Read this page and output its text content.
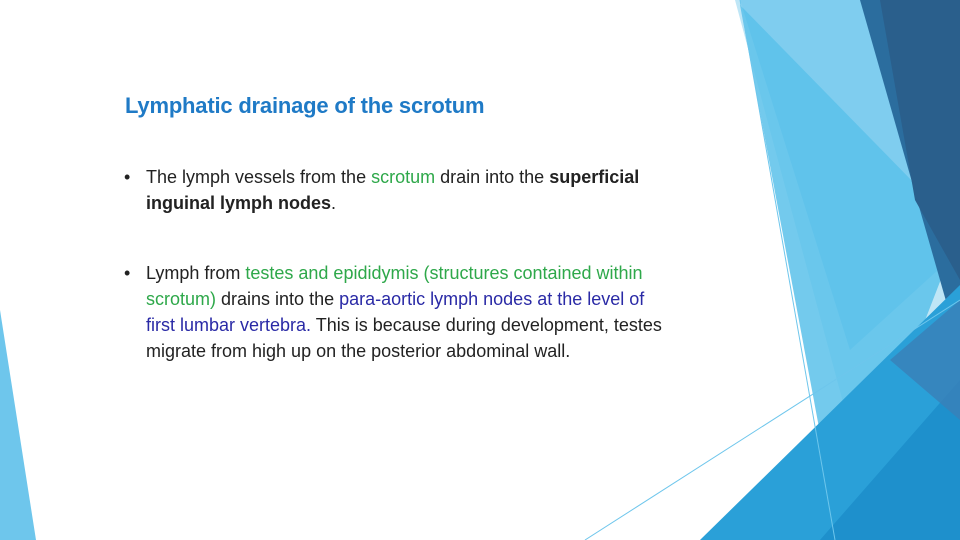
Lymphatic drainage of the scrotum
• The lymph vessels from the scrotum drain into the superficial inguinal lymph nodes.
• Lymph from testes and epididymis (structures contained within scrotum) drains into the para-aortic lymph nodes at the level of first lumbar vertebra. This is because during development, testes migrate from high up on the posterior abdominal wall.
